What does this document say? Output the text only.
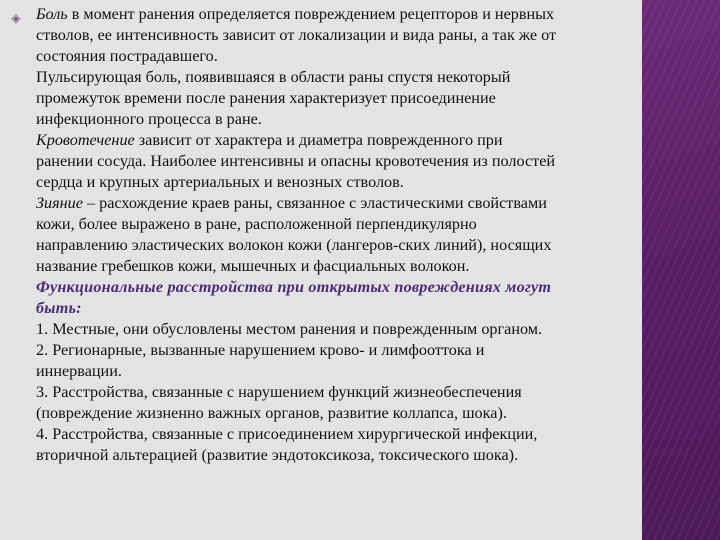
◈ Боль в момент ранения определяется повреждением рецепторов и нервных
стволов, ее интенсивность зависит от локализации и вида раны, а так же от
состояния пострадавшего.
Пульсирующая боль, появившаяся в области раны спустя некоторый
промежуток времени после ранения характеризует присоединение
инфекционного процесса в ране.
Кровотечение зависит от характера и диаметра поврежденного при
ранении сосуда. Наиболее интенсивны и опасны кровотечения из полостей
сердца и крупных артериальных и венозных стволов.
Зияние – расхождение краев раны, связанное с эластическими свойствами
кожи, более выражено в ране, расположенной перпендикулярно
направлению эластических волокон кожи (лангеров-ских линий), носящих
название гребешков кожи, мышечных и фасциальных волокон.
Функциональные расстройства при открытых повреждениях могут
быть:
1. Местные, они обусловлены местом ранения и поврежденным органом.
2. Регионарные, вызванные нарушением крово- и лимфооттока и
иннервации.
3. Расстройства, связанные с нарушением функций жизнеобеспечения
(повреждение жизненно важных органов, развитие коллапса, шока).
4. Расстройства, связанные с присоединением хирургической инфекции,
вторичной альтерацией (развитие эндотоксикоза, токсического шока).
